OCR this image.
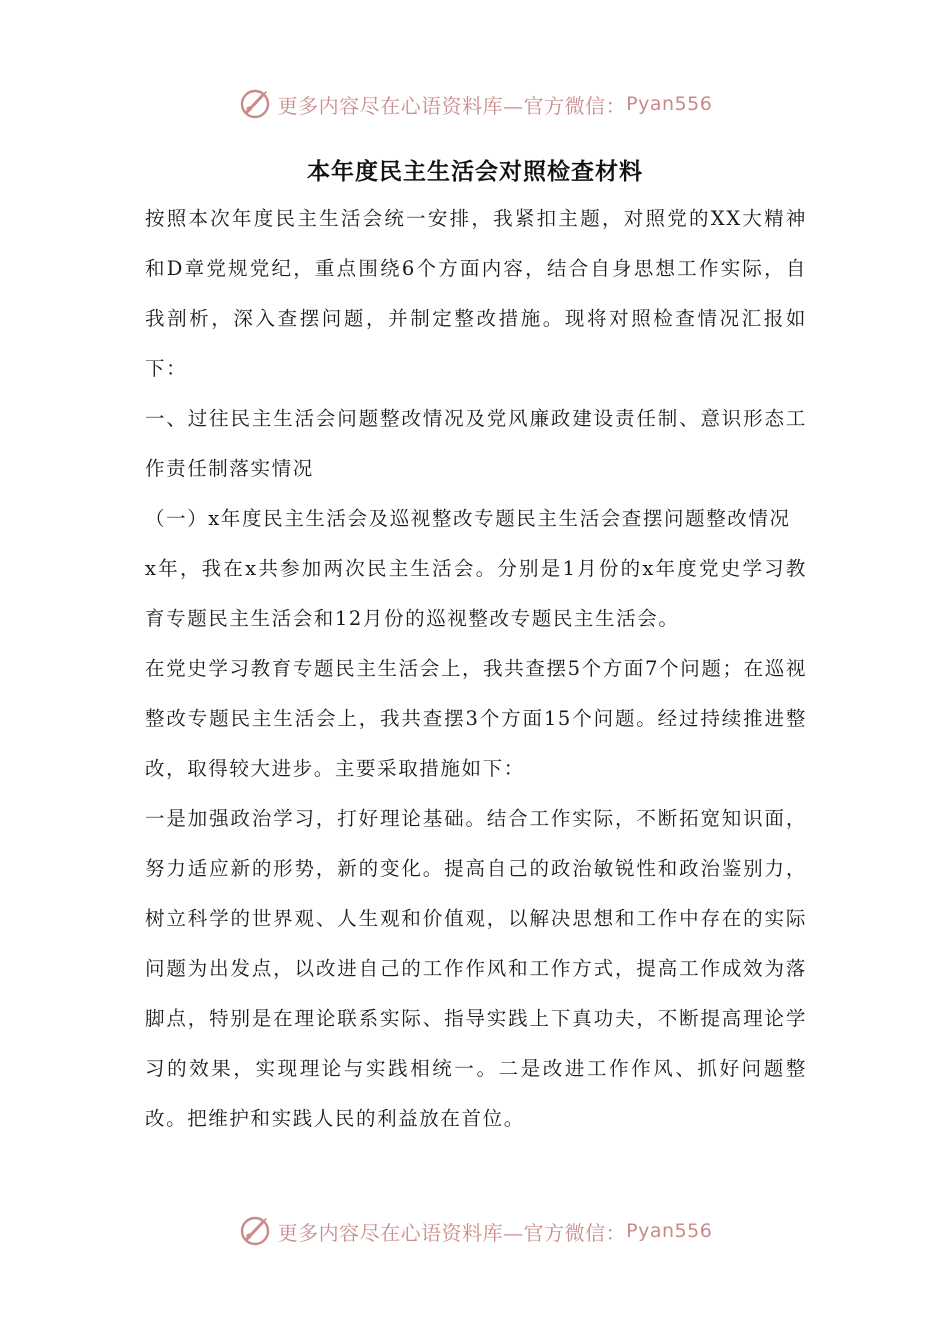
更多内容尽在心语资料库—官方微信： Pyan556
本年度民主生活会对照检查材料

按照本次年度民主生活会统一安排，我紧扣主题，对照党的XX大精神和D章党规党纪，重点围绕6个方面内容，结合自身思想工作实际，自我剖析，深入查摆问题，并制定整改措施。现将对照检查情况汇报如下：

一、过往民主生活会问题整改情况及党风廉政建设责任制、意识形态工作责任制落实情况

（一）x年度民主生活会及巡视整改专题民主生活会查摆问题整改情况

x年，我在x共参加两次民主生活会。分别是1月份的x年度党史学习教育专题民主生活会和12月份的巡视整改专题民主生活会。

在党史学习教育专题民主生活会上，我共查摆5个方面7个问题；在巡视整改专题民主生活会上，我共查摆3个方面15个问题。经过持续推进整改，取得较大进步。主要采取措施如下：

一是加强政治学习，打好理论基础。结合工作实际，不断拓宽知识面，努力适应新的形势，新的变化。提高自己的政治敏锐性和政治鉴别力，树立科学的世界观、人生观和价值观，以解决思想和工作中存在的实际问题为出发点，以改进自己的工作作风和工作方式，提高工作成效为落脚点，特别是在理论联系实际、指导实践上下真功夫，不断提高理论学习的效果，实现理论与实践相统一。二是改进工作作风、抓好问题整改。把维护和实践人民的利益放在首位。

更多内容尽在心语资料库—官方微信： Pyan556
